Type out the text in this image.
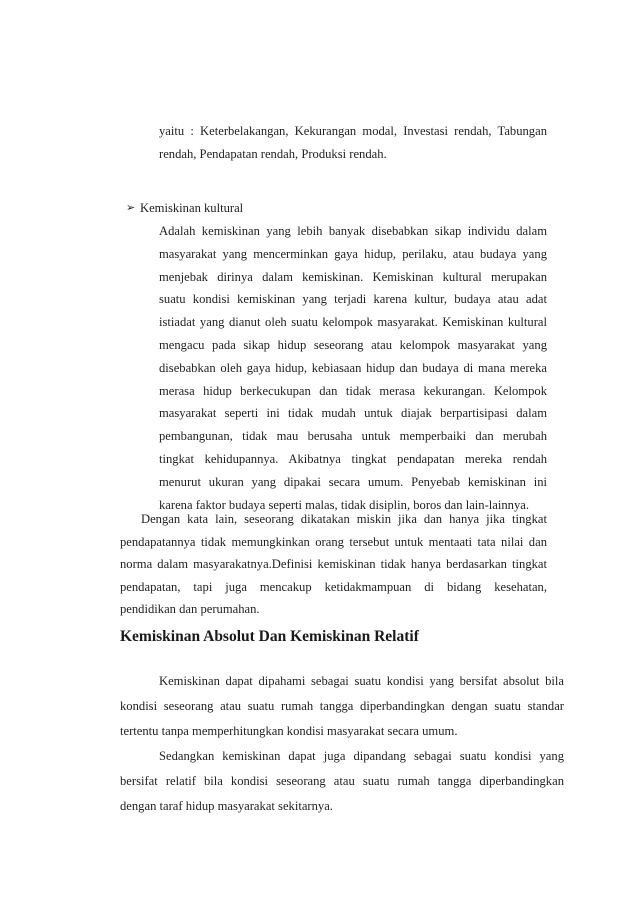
yaitu : Keterbelakangan, Kekurangan modal, Investasi rendah, Tabungan
rendah, Pendapatan rendah, Produksi rendah.
➢ Kemiskinan kultural
Adalah kemiskinan yang lebih banyak disebabkan sikap individu dalam
masyarakat yang mencerminkan gaya hidup, perilaku, atau budaya yang
menjebak dirinya dalam kemiskinan. Kemiskinan kultural merupakan
suatu kondisi kemiskinan yang terjadi karena kultur, budaya atau adat
istiadat yang dianut oleh suatu kelompok masyarakat. Kemiskinan kultural
mengacu pada sikap hidup seseorang atau kelompok masyarakat yang
disebabkan oleh gaya hidup, kebiasaan hidup dan budaya di mana mereka
merasa hidup berkecukupan dan tidak merasa kekurangan. Kelompok
masyarakat seperti ini tidak mudah untuk diajak berpartisipasi dalam
pembangunan, tidak mau berusaha untuk memperbaiki dan merubah
tingkat kehidupannya. Akibatnya tingkat pendapatan mereka rendah
menurut ukuran yang dipakai secara umum. Penyebab kemiskinan ini
karena faktor budaya seperti malas, tidak disiplin, boros dan lain-lainnya.
Dengan kata lain, seseorang dikatakan miskin jika dan hanya jika tingkat
pendapatannya tidak memungkinkan orang tersebut untuk mentaati tata nilai dan
norma dalam masyarakatnya.Definisi kemiskinan tidak hanya berdasarkan tingkat
pendapatan, tapi juga mencakup ketidakmampuan di bidang kesehatan,
pendidikan dan perumahan.
Kemiskinan Absolut Dan Kemiskinan Relatif
Kemiskinan dapat dipahami sebagai suatu kondisi yang bersifat absolut bila
kondisi seseorang atau suatu rumah tangga diperbandingkan dengan suatu standar
tertentu tanpa memperhitungkan kondisi masyarakat secara umum.
Sedangkan kemiskinan dapat juga dipandang sebagai suatu kondisi yang
bersifat relatif bila kondisi seseorang atau suatu rumah tangga diperbandingkan
dengan taraf hidup masyarakat sekitarnya.
